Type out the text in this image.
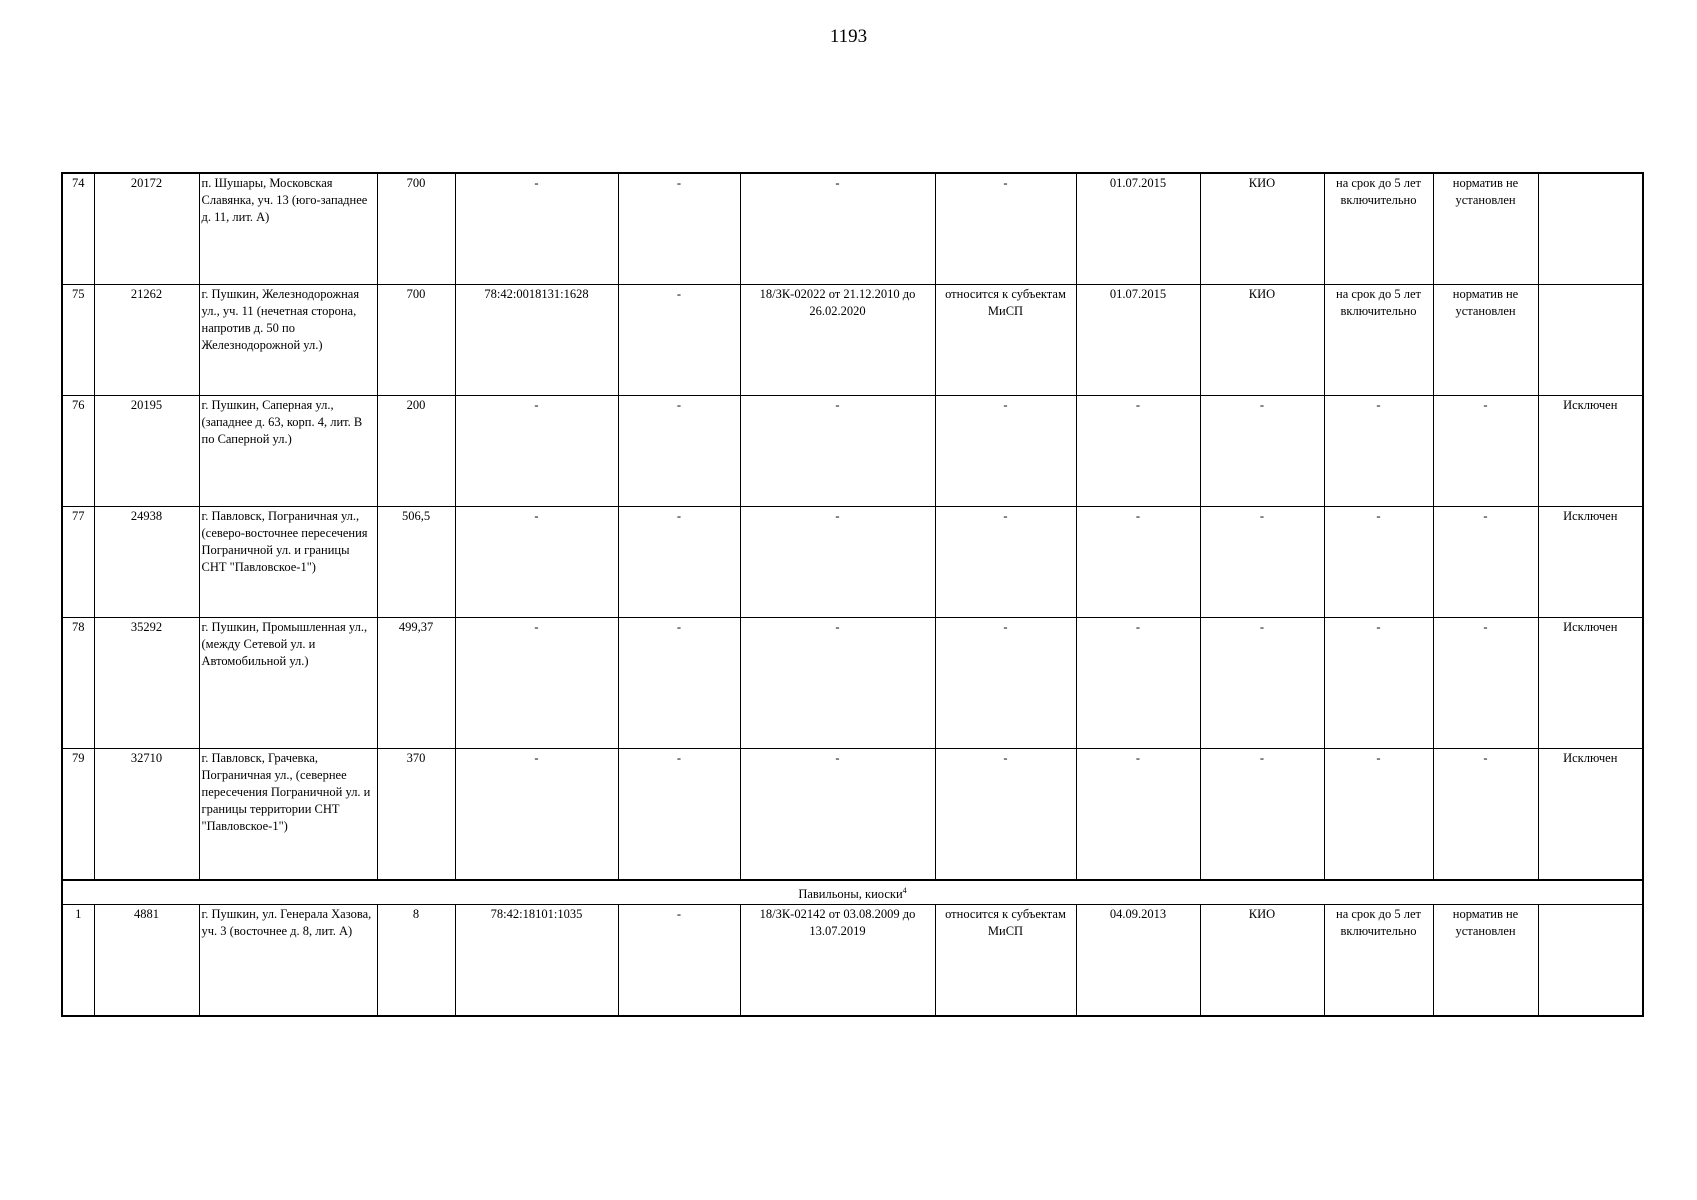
1193
74	20172	п. Шушары, Московская Славянка, уч. 13 (юго-западнее д. 11, лит. А)	700	-	-	-	-	01.07.2015	КИО	на срок до 5 лет включительно	норматив не установлен	
75	21262	г. Пушкин, Железнодорожная ул., уч. 11 (нечетная сторона, напротив д. 50 по Железнодорожной ул.)	700	78:42:0018131:1628	-	18/ЗК-02022 от 21.12.2010 до 26.02.2020	относится к субъектам МиСП	01.07.2015	КИО	на срок до 5 лет включительно	норматив не установлен	
76	20195	г. Пушкин, Саперная ул., (западнее д. 63, корп. 4, лит. В по Саперной ул.)	200	-	-	-	-	-	-	-	-	Исключен
77	24938	г. Павловск, Пограничная ул., (северо-восточнее пересечения Пограничной ул. и границы СНТ "Павловское-1")	506,5	-	-	-	-	-	-	-	-	Исключен
78	35292	г. Пушкин, Промышленная ул., (между Сетевой ул. и Автомобильной ул.)	499,37	-	-	-	-	-	-	-	-	Исключен
79	32710	г. Павловск, Грачевка, Пограничная ул., (севернее пересечения Пограничной ул. и границы территории СНТ "Павловское-1")	370	-	-	-	-	-	-	-	-	Исключен
Павильоны, киоски$^4$
1	4881	г. Пушкин, ул. Генерала Хазова, уч. 3 (восточнее д. 8, лит. А)	8	78:42:18101:1035	-	18/ЗК-02142 от 03.08.2009 до 13.07.2019	относится к субъектам МиСП	04.09.2013	КИО	на срок до 5 лет включительно	норматив не установлен	
